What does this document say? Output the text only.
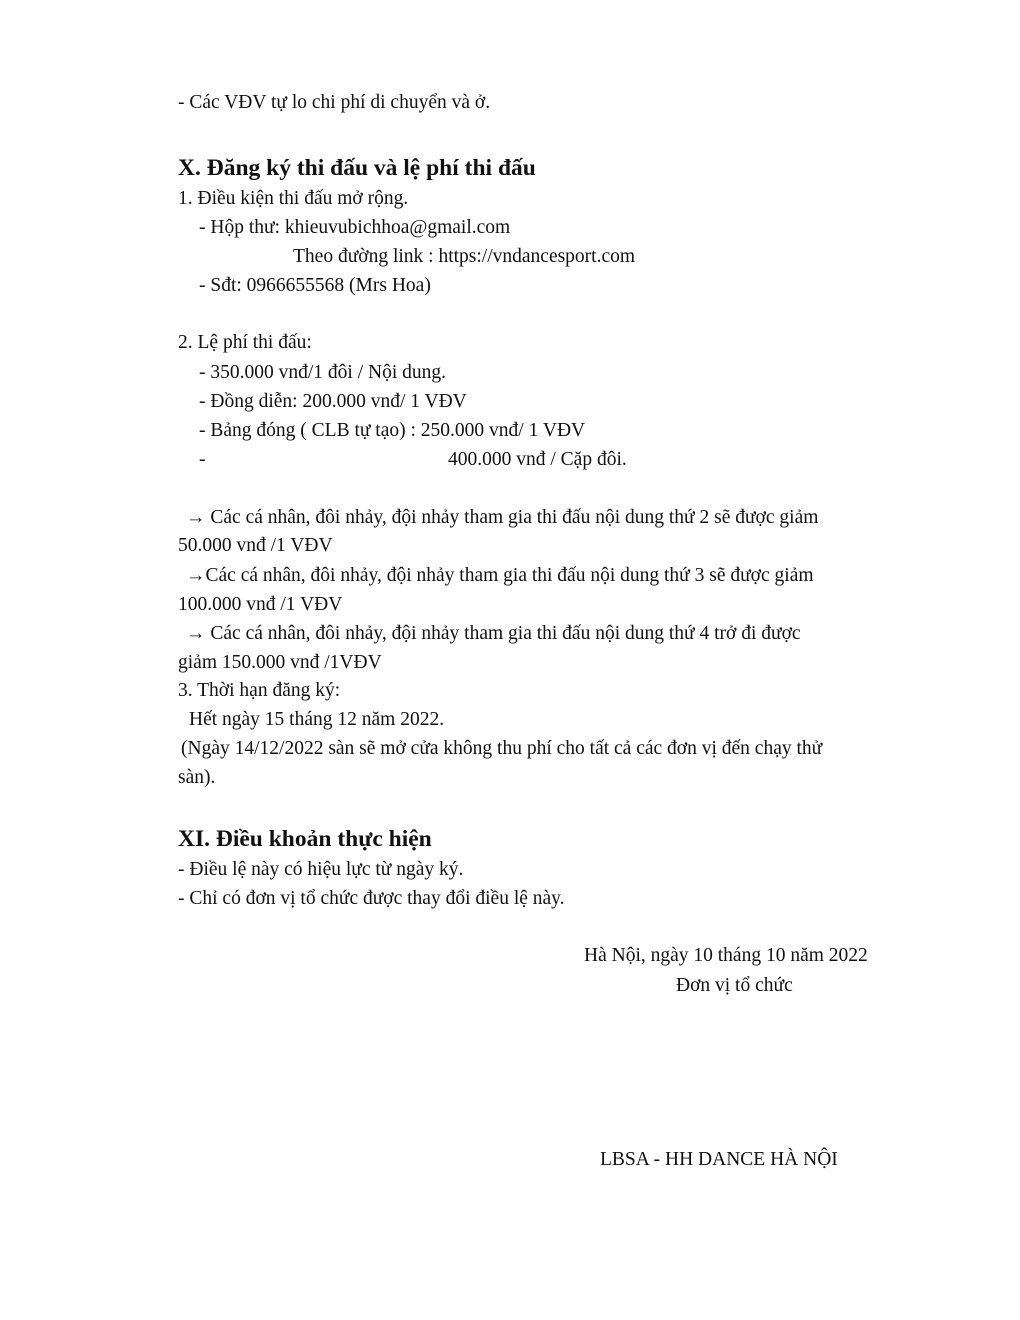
- Các VĐV tự lo chi phí di chuyển và ở.
X. Đăng ký thi đấu và lệ phí thi đấu
1. Điều kiện thi đấu mở rộng.
- Hộp thư: khieuvubichhoa@gmail.com
Theo đường link : https://vndancesport.com
- Sđt: 0966655568 (Mrs Hoa)
2. Lệ phí thi đấu:
- 350.000 vnđ/1 đôi / Nội dung.
- Đồng diễn: 200.000 vnđ/ 1 VĐV
- Bảng đóng ( CLB tự tạo) : 250.000 vnđ/ 1 VĐV
-	400.000 vnđ / Cặp đôi.
→ Các cá nhân, đôi nhảy, đội nhảy tham gia thi đấu nội dung thứ 2 sẽ được giảm
50.000 vnđ /1 VĐV
→Các cá nhân, đôi nhảy, đội nhảy tham gia thi đấu nội dung thứ 3 sẽ được giảm
100.000 vnđ /1 VĐV
→ Các cá nhân, đôi nhảy, đội nhảy tham gia thi đấu nội dung thứ 4 trở đi được
giảm 150.000 vnđ /1VĐV
3. Thời hạn đăng ký:
Hết ngày 15 tháng 12 năm 2022.
(Ngày 14/12/2022 sàn sẽ mở cửa không thu phí cho tất cả các đơn vị đến chạy thử
sàn).
XI. Điều khoản thực hiện
- Điều lệ này có hiệu lực từ ngày ký.
- Chỉ có đơn vị tổ chức được thay đổi điều lệ này.
Hà Nội, ngày 10 tháng 10 năm 2022
Đơn vị tổ chức
LBSA - HH DANCE HÀ NỘI
